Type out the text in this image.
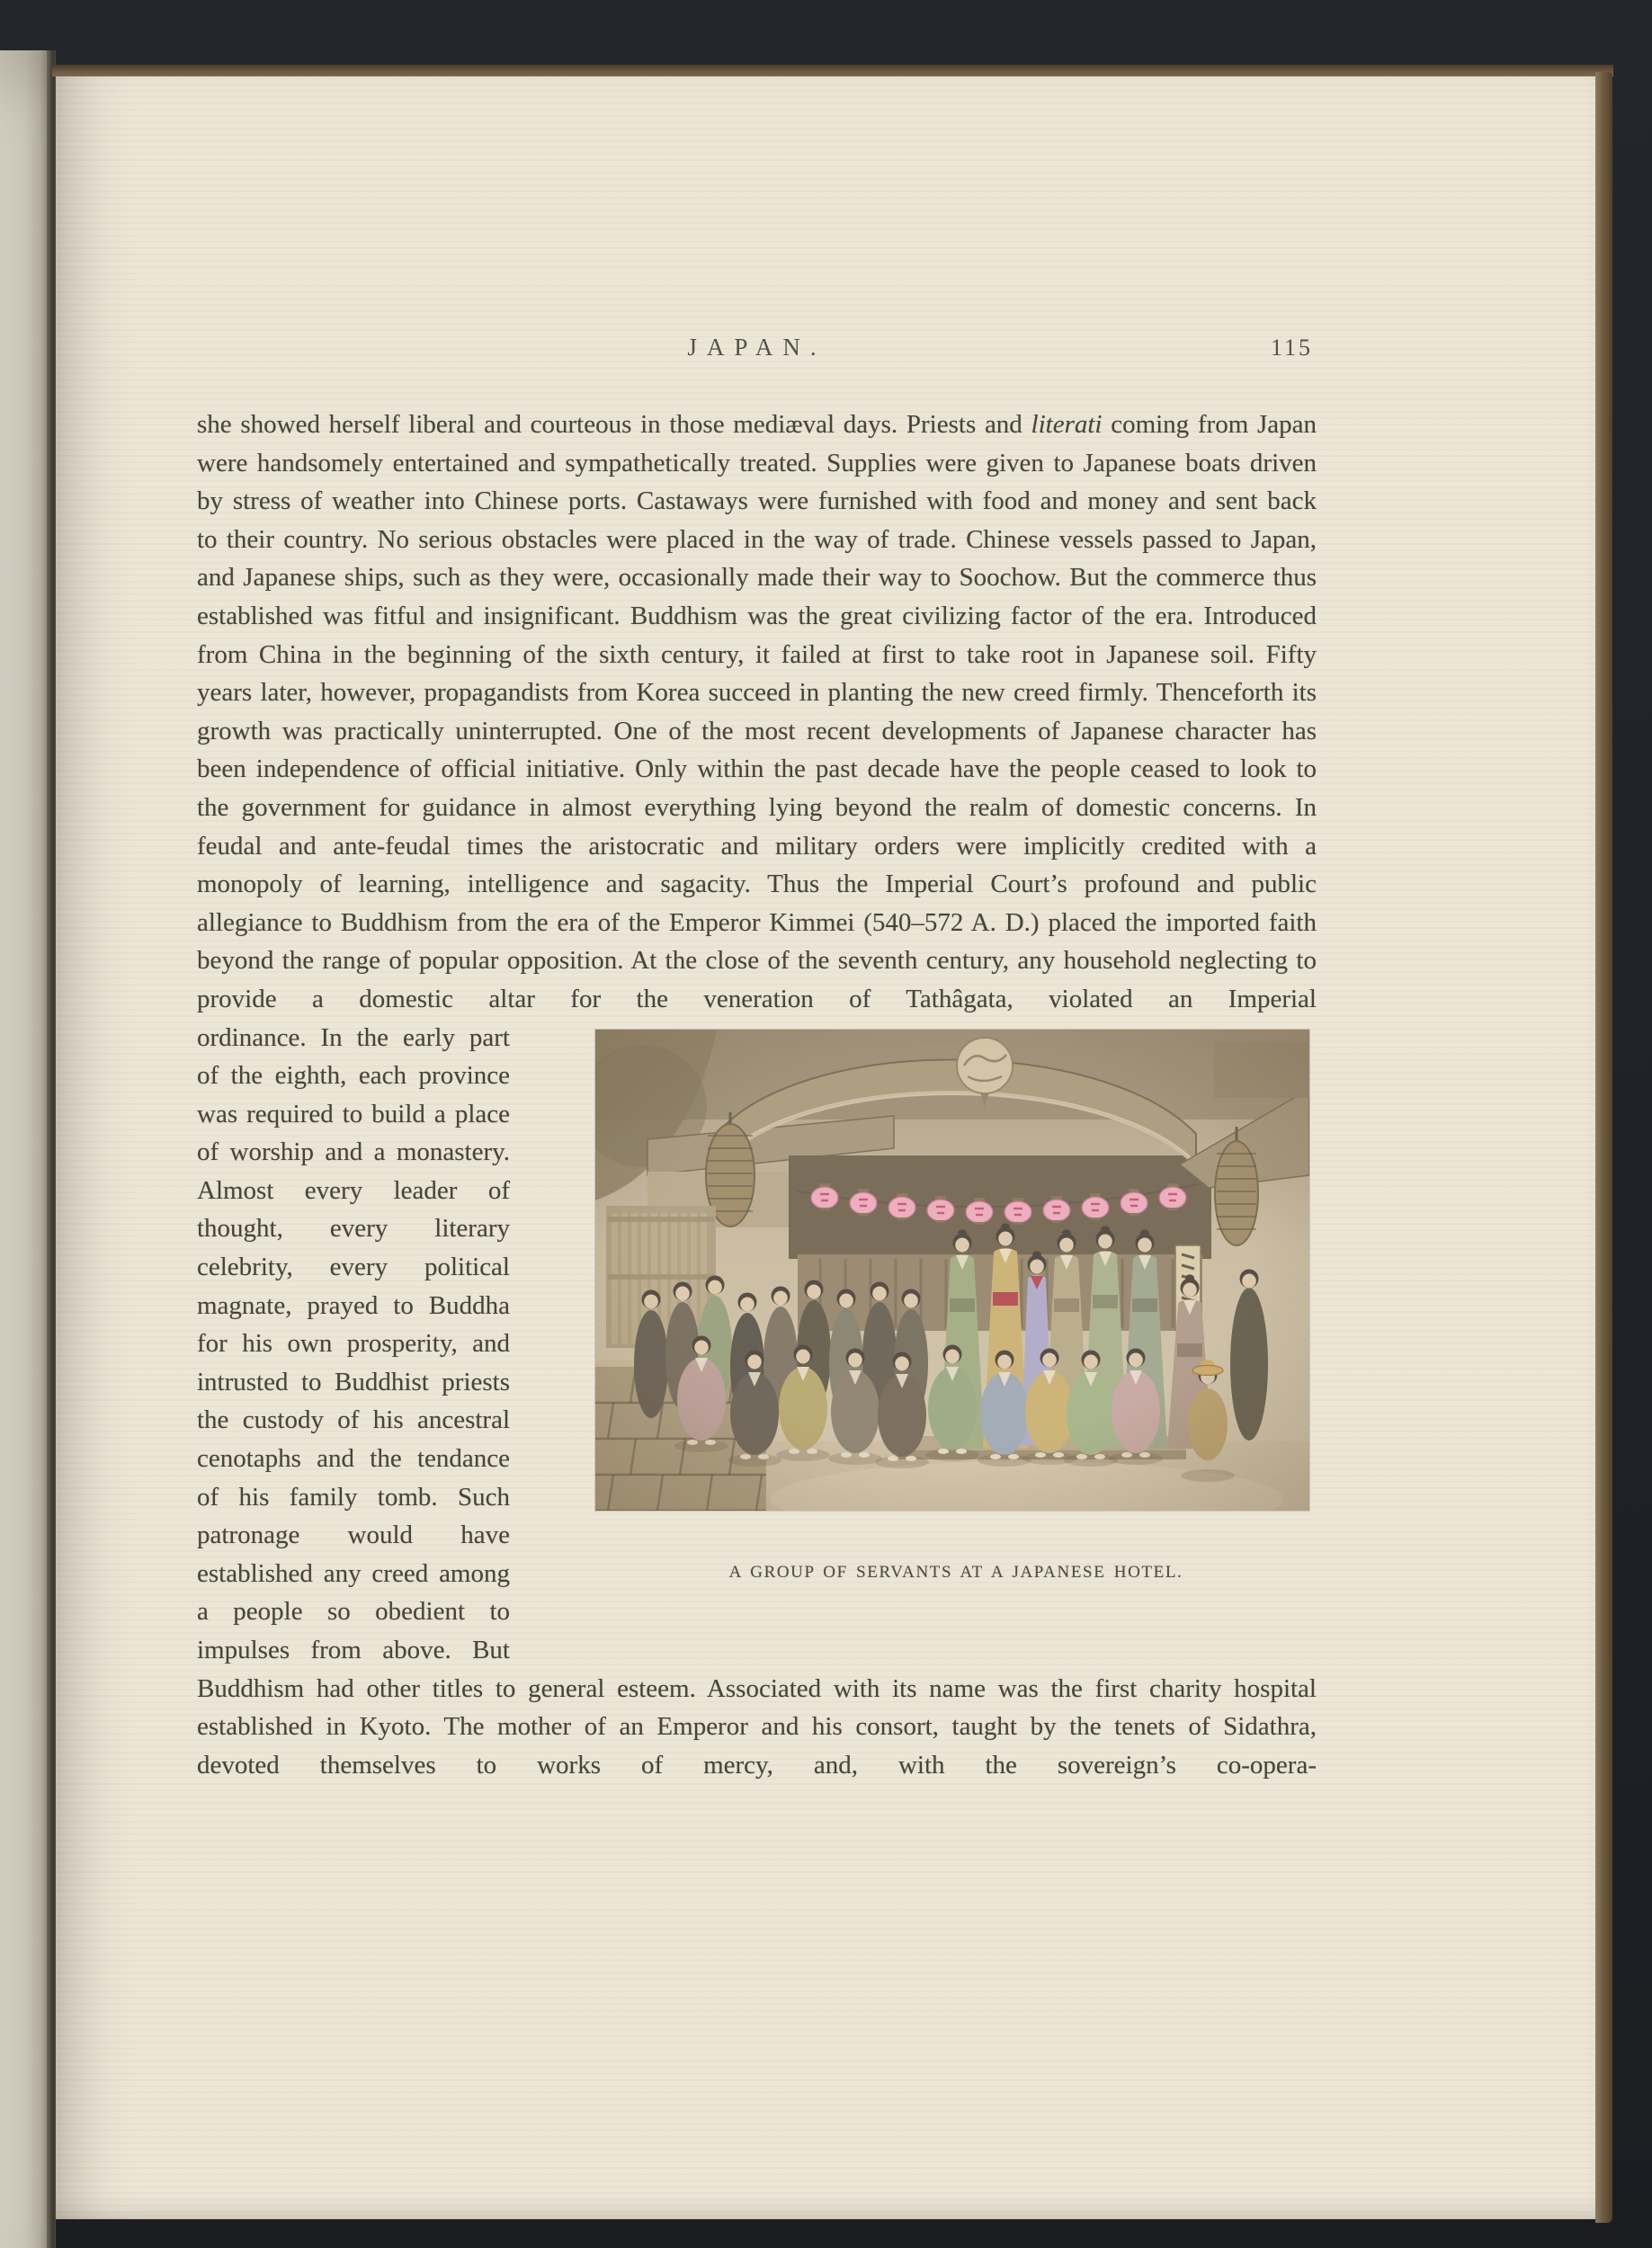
JAPAN.	115

she showed herself liberal and courteous in those mediæval days. Priests and literati coming from Japan were handsomely entertained and sympathetically treated. Supplies were given to Japanese boats driven by stress of weather into Chinese ports. Castaways were furnished with food and money and sent back to their country. No serious obstacles were placed in the way of trade. Chinese vessels passed to Japan, and Japanese ships, such as they were, occasionally made their way to Soochow. But the commerce thus established was fitful and insignificant. Buddhism was the great civilizing factor of the era. Introduced from China in the beginning of the sixth century, it failed at first to take root in Japanese soil. Fifty years later, however, propagandists from Korea succeed in planting the new creed firmly. Thenceforth its growth was practically uninterrupted. One of the most recent developments of Japanese character has been independence of official initiative. Only within the past decade have the people ceased to look to the government for guidance in almost everything lying beyond the realm of domestic concerns. In feudal and ante-feudal times the aristocratic and military orders were implicitly credited with a monopoly of learning, intelligence and sagacity. Thus the Imperial Court’s profound and public allegiance to Buddhism from the era of the Emperor Kimmei (540–572 A. D.) placed the imported faith beyond the range of popular opposition. At the close of the seventh century, any household neglecting to provide a domestic altar for the veneration of Tathâgata, violated an Imperial

A GROUP OF SERVANTS AT A JAPANESE HOTEL.

ordinance. In the early part of the eighth, each province was required to build a place of worship and a monastery. Almost every leader of thought, every literary celebrity, every political magnate, prayed to Buddha for his own prosperity, and intrusted to Buddhist priests the custody of his ancestral cenotaphs and the tendance of his family tomb. Such patronage would have established any creed among a people so obedient to impulses from above. But Buddhism had other titles to general esteem. Associated with its name was the first charity hospital established in Kyoto. The mother of an Emperor and his consort, taught by the tenets of Sidathra, devoted themselves to works of mercy, and, with the sovereign’s co-opera-
